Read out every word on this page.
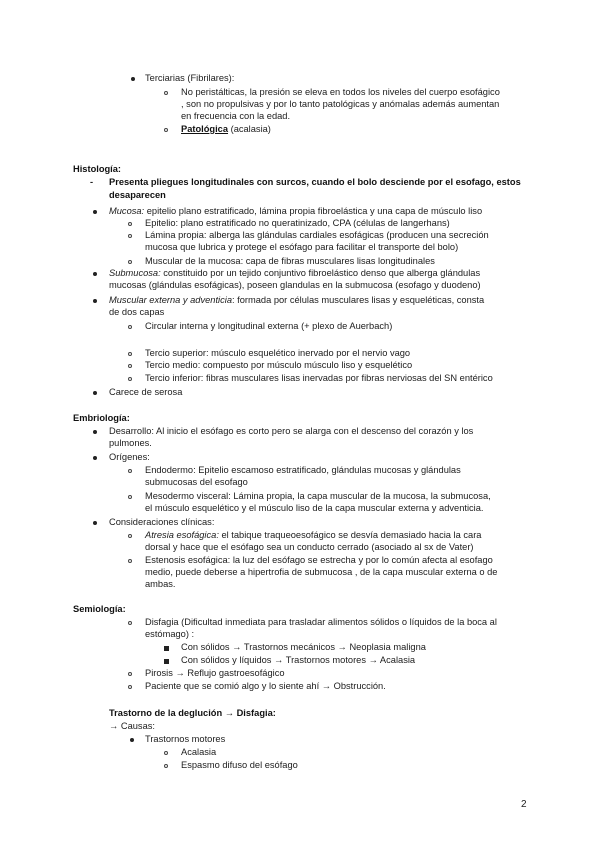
Terciarias (Fibrilares):
No peristálticas, la presión se eleva en todos los niveles del cuerpo esofágico
, son no propulsivas y por lo tanto patológicas y anómalas además aumentan
en frecuencia con la edad.
Patológica (acalasia)
Histología:
- Presenta pliegues longitudinales con surcos, cuando el bolo desciende por el esofago, estos
desaparecen
Mucosa: epitelio plano estratificado, lámina propia fibroelástica y una capa de músculo liso
Epitelio: plano estratificado no queratinizado, CPA (células de langerhans)
Lámina propia: alberga las glándulas cardiales esofágicas (producen una secreción
mucosa que lubrica y protege el esófago para facilitar el transporte del bolo)
Muscular de la mucosa: capa de fibras musculares lisas longitudinales
Submucosa: constituido por un tejido conjuntivo fibroelástico denso que alberga glándulas
mucosas (glándulas esofágicas), poseen glandulas en la submucosa (esofago y duodeno)
Muscular externa y adventicia: formada por células musculares lisas y esqueléticas, consta
de dos capas
Circular interna y longitudinal externa (+ plexo de Auerbach)
Tercio superior: músculo esquelético inervado por el nervio vago
Tercio medio: compuesto por músculo músculo liso y esquelético
Tercio inferior: fibras musculares lisas inervadas por fibras nerviosas del SN entérico
Carece de serosa
Embriología:
Desarrollo: Al inicio el esófago es corto pero se alarga con el descenso del corazón y los
pulmones.
Orígenes:
Endodermo: Epitelio escamoso estratificado, glándulas mucosas y glándulas
submucosas del esofago
Mesodermo visceral: Lámina propia, la capa muscular de la mucosa, la submucosa,
el músculo esquelético y el músculo liso de la capa muscular externa y adventicia.
Consideraciones clínicas:
Atresia esofágica: el tabique traqueoesofágico se desvía demasiado hacia la cara
dorsal y hace que el esófago sea un conducto cerrado (asociado al sx de Vater)
Estenosis esofágica: la luz del esófago se estrecha y por lo común afecta al esofago
medio, puede deberse a hipertrofia de submucosa , de la capa muscular externa o de
ambas.
Semiología:
Disfagia (Dificultad inmediata para trasladar alimentos sólidos o líquidos de la boca al
estómago) :
Con sólidos → Trastornos mecánicos → Neoplasia maligna
Con sólidos y líquidos → Trastornos motores → Acalasia
Pirosis → Reflujo gastroesofágico
Paciente que se comió algo y lo siente ahí → Obstrucción.
Trastorno de la deglución → Disfagia:
→ Causas:
Trastornos motores
Acalasia
Espasmo difuso del esófago
2
